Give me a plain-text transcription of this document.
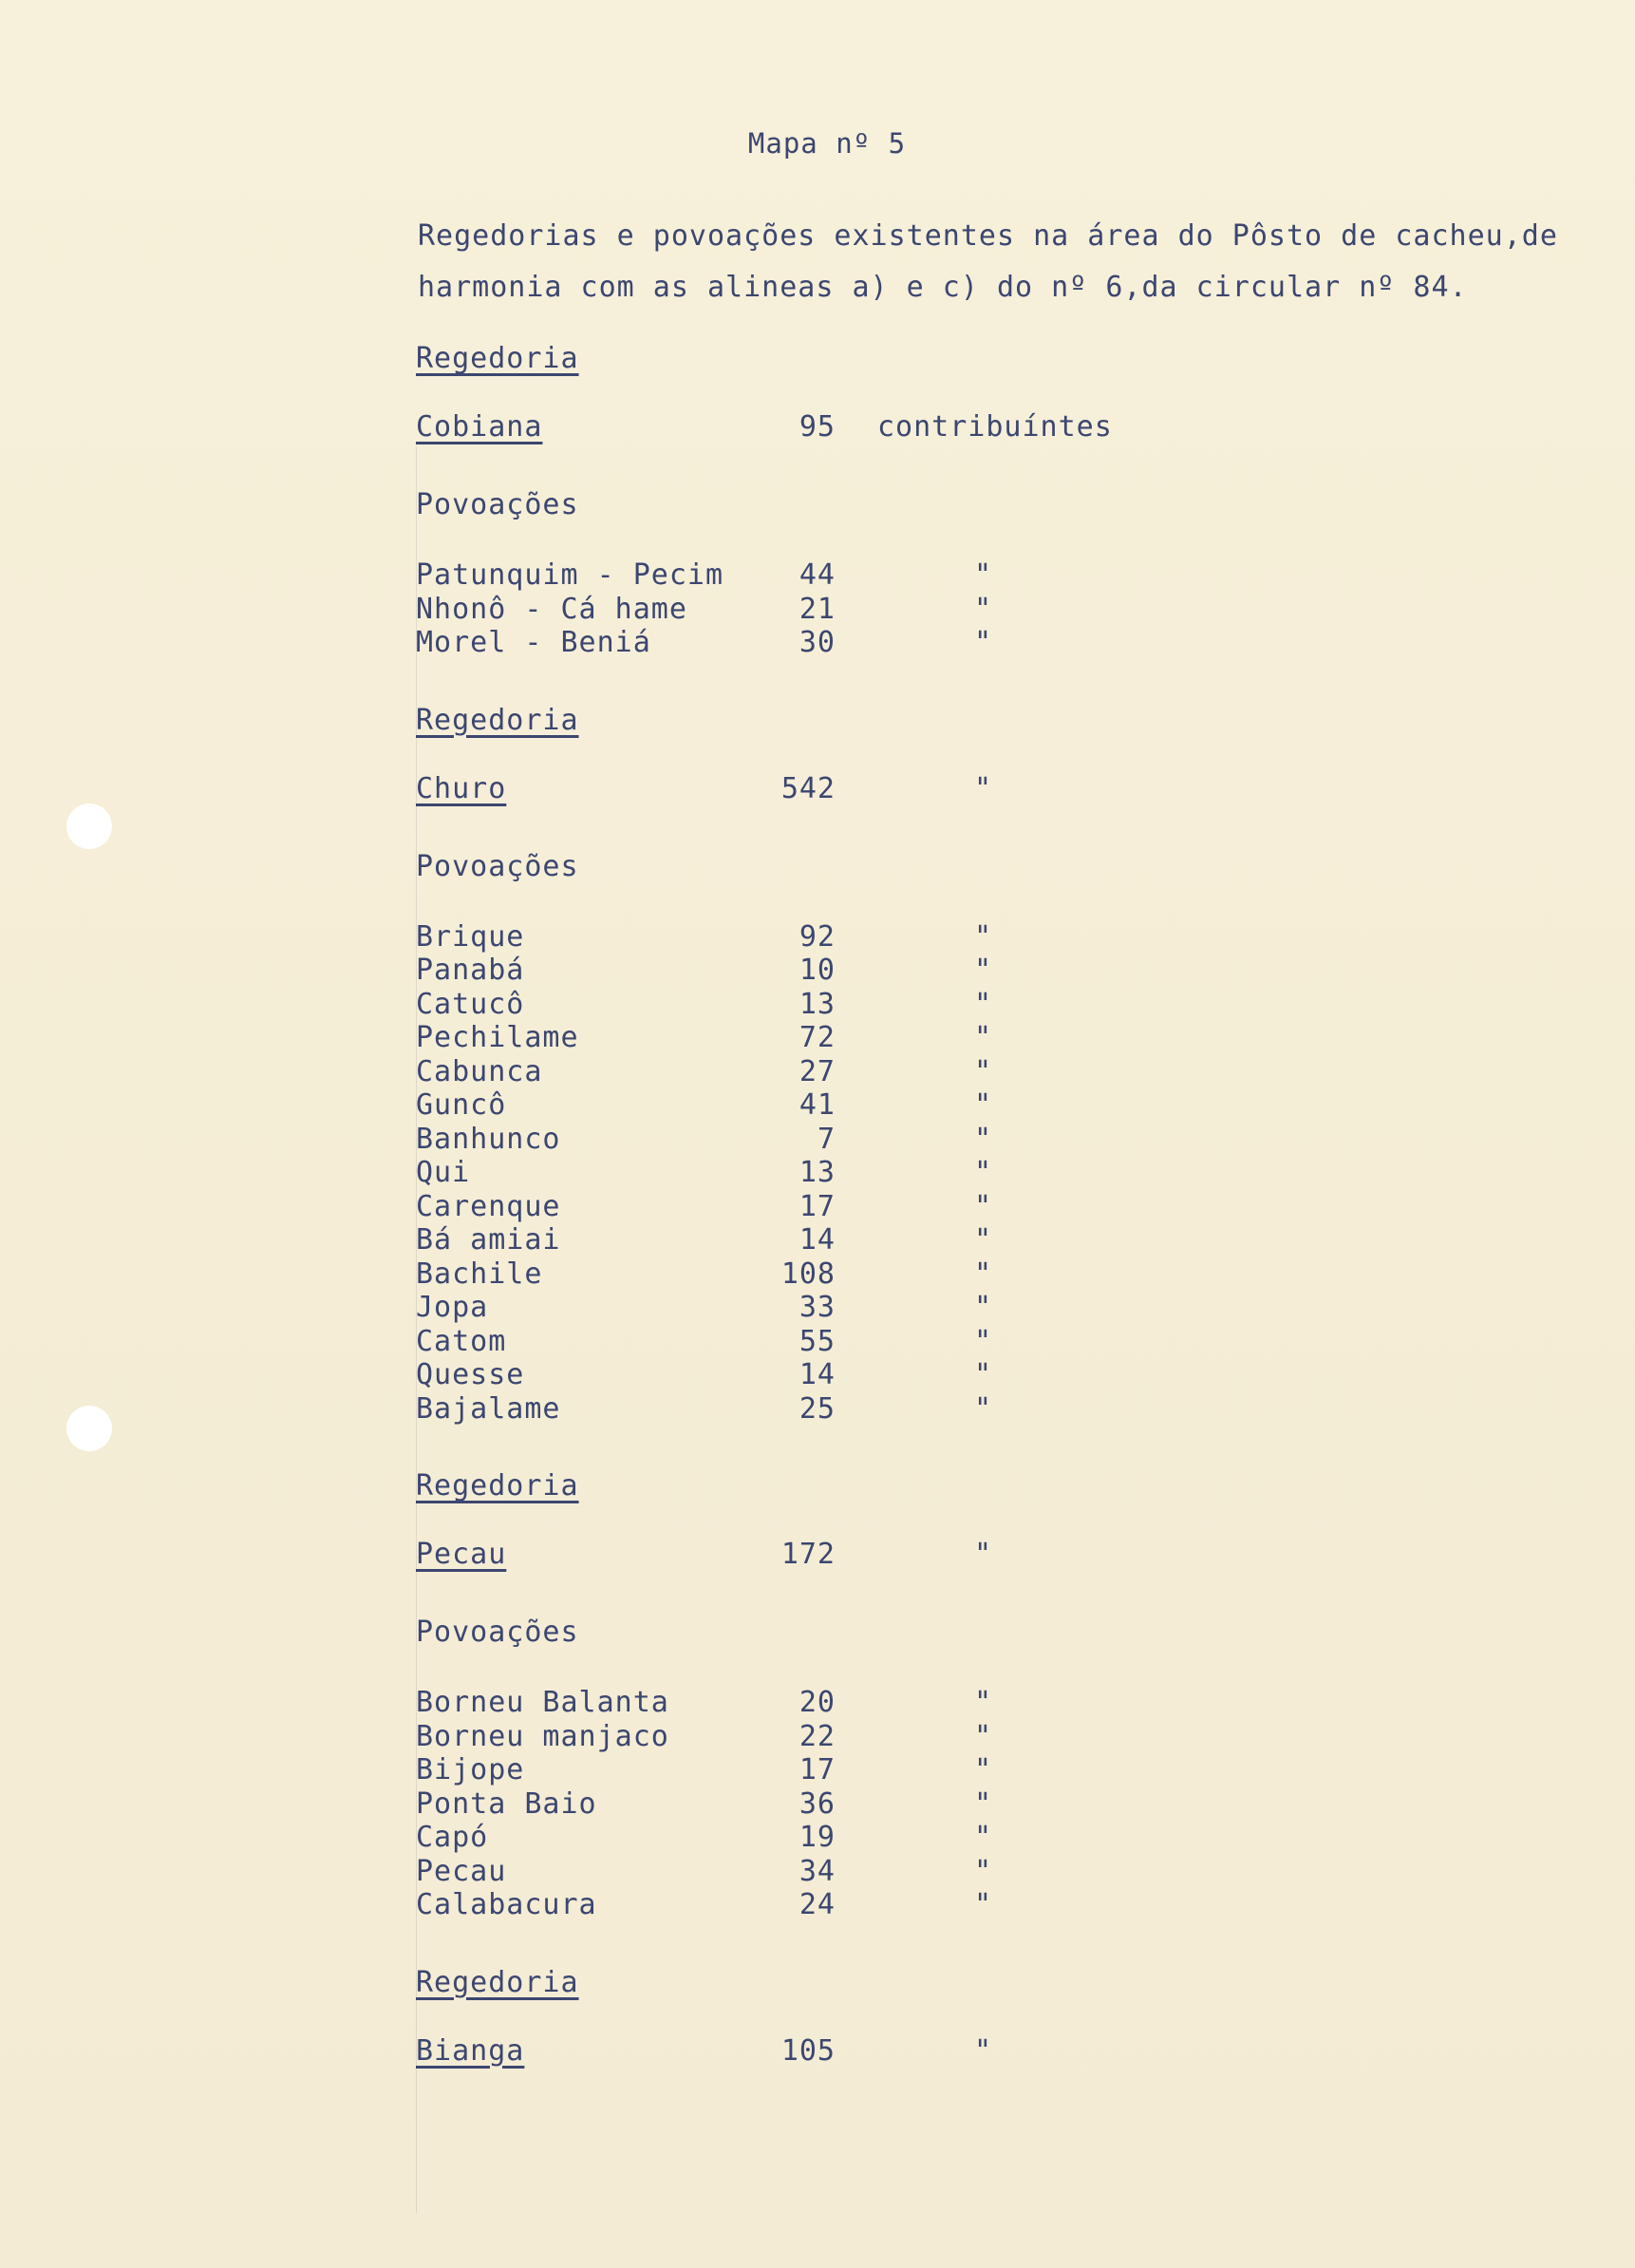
Mapa nº 5

Regedorias e povoações existentes na área do Pôsto de cacheu,de harmonia com as alineas a) e c) do nº 6,da circular nº 84.

Regedoria
Cobiana	95 contribuíntes
Povoações
Patunquim - Pecim	44	"
Nhonô - Cá hame	21	"
Morel - Beniá	30	"
Regedoria
Churo	542	"
Povoações
Brique	92	"
Panabá	10	"
Catucô	13	"
Pechilame	72	"
Cabunca	27	"
Guncô	41	"
Banhunco	7	"
Qui	13	"
Carenque	17	"
Bá amiai	14	"
Bachile	108	"
Jopa	33	"
Catom	55	"
Quesse	14	"
Bajalame	25	"
Regedoria
Pecau	172	"
Povoações
Borneu Balanta	20	"
Borneu manjaco	22	"
Bijope	17	"
Ponta Baio	36	"
Capó	19	"
Pecau	34	"
Calabacura	24	"
Regedoria
Bianga	105	"
